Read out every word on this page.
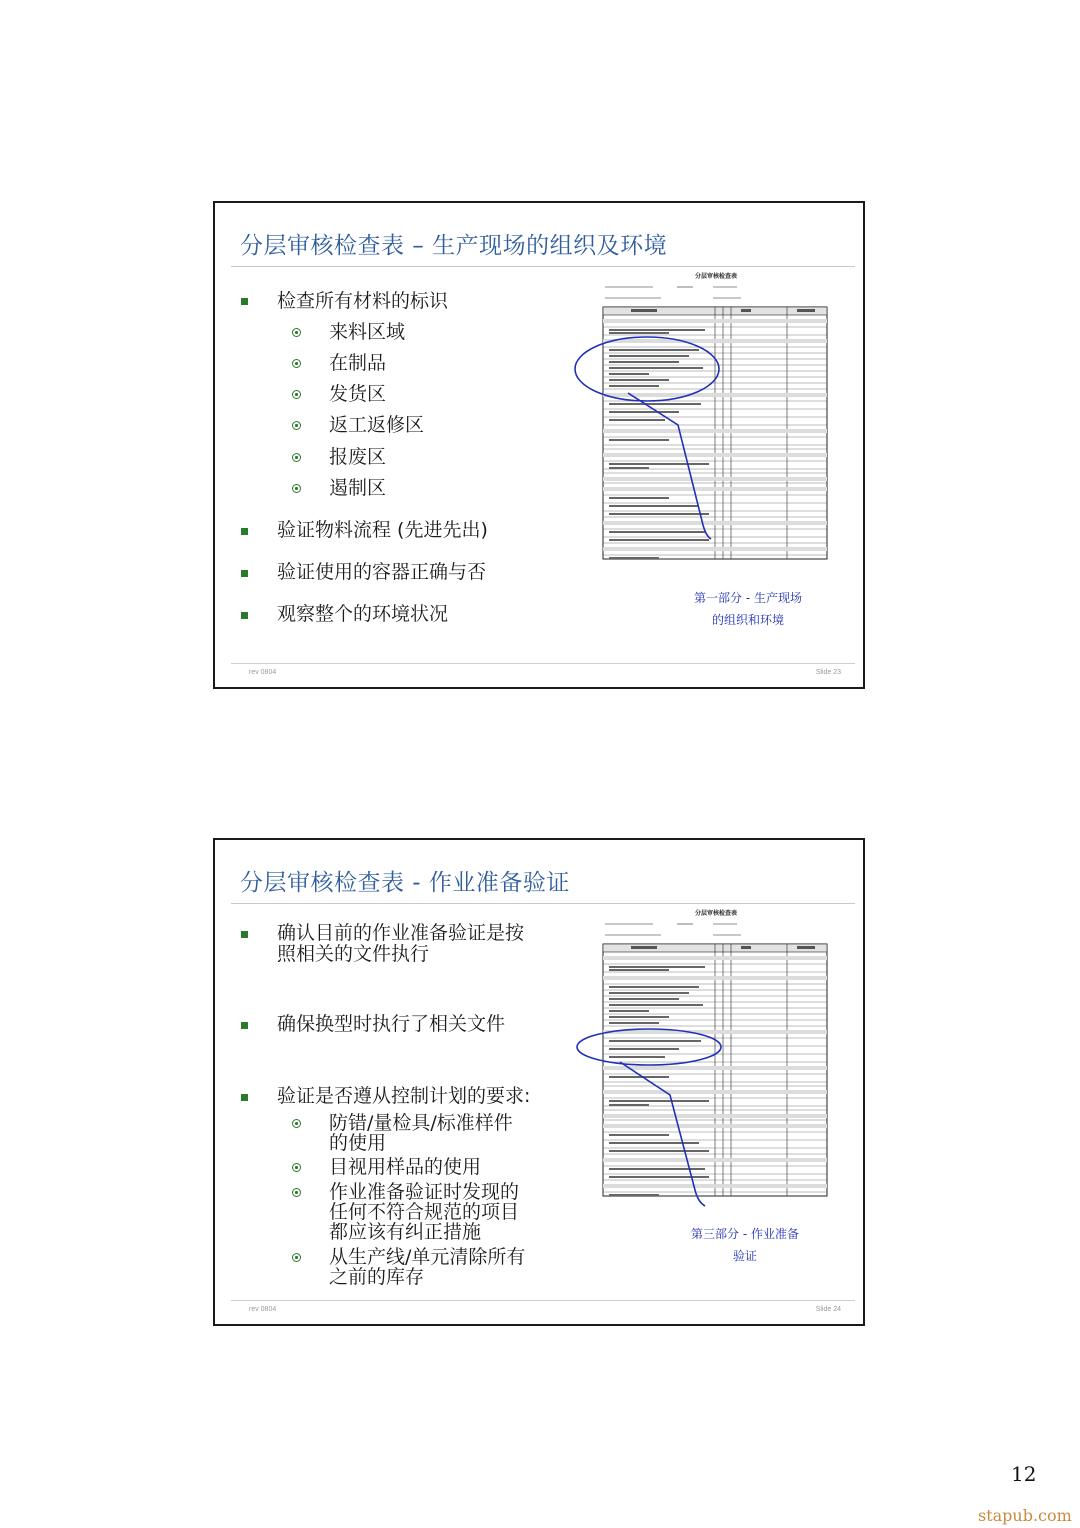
分层审核检查表 – 生产现场的组织及环境
检查所有材料的标识
来料区域
在制品
发货区
返工返修区
报废区
遏制区
验证物料流程 (先进先出)
验证使用的容器正确与否
观察整个的环境状况
分层审核检查表
第一部分 - 生产现场
的组织和环境
rev 0804	Slide 23
分层审核检查表 - 作业准备验证
确认目前的作业准备验证是按
照相关的文件执行
确保换型时执行了相关文件
验证是否遵从控制计划的要求:
防错/量检具/标准样件
的使用
目视用样品的使用
作业准备验证时发现的
任何不符合规范的项目
都应该有纠正措施
从生产线/单元清除所有
之前的库存
分层审核检查表
第三部分 - 作业准备
验证
rev 0804	Slide 24
12
stapub.com
